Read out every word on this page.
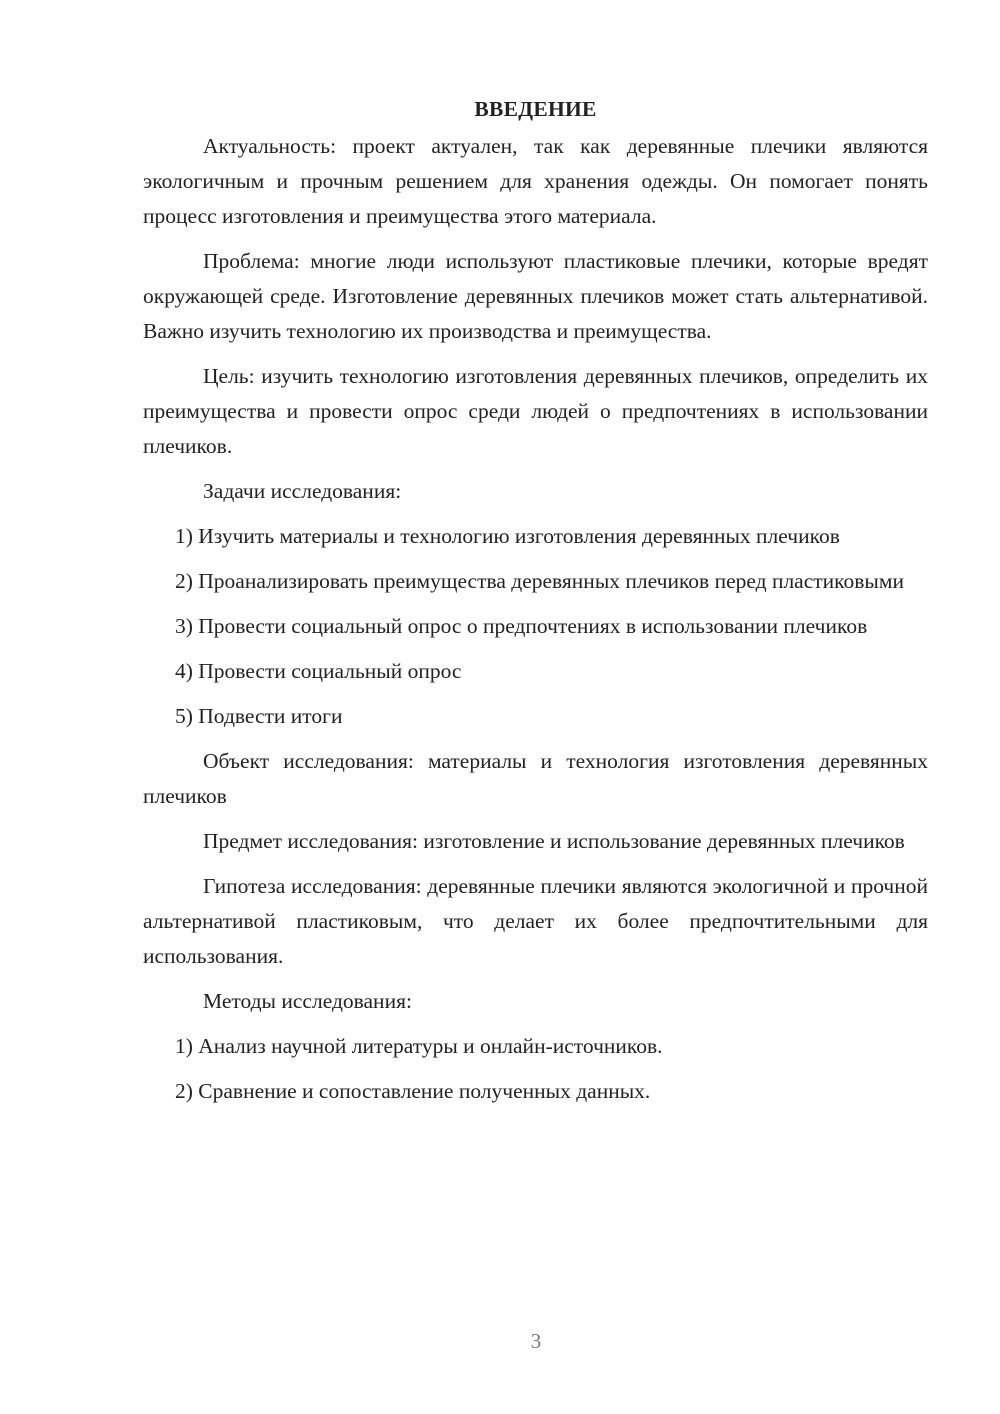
ВВЕДЕНИЕ

Актуальность: проект актуален, так как деревянные плечики являются экологичным и прочным решением для хранения одежды. Он помогает понять процесс изготовления и преимущества этого материала.

Проблема: многие люди используют пластиковые плечики, которые вредят окружающей среде. Изготовление деревянных плечиков может стать альтернативой. Важно изучить технологию их производства и преимущества.

Цель: изучить технологию изготовления деревянных плечиков, определить их преимущества и провести опрос среди людей о предпочтениях в использовании плечиков.

Задачи исследования:

1) Изучить материалы и технологию изготовления деревянных плечиков

2) Проанализировать преимущества деревянных плечиков перед пластиковыми

3) Провести социальный опрос о предпочтениях в использовании плечиков

4) Провести социальный опрос

5) Подвести итоги

Объект исследования: материалы и технология изготовления деревянных плечиков

Предмет исследования: изготовление и использование деревянных плечиков

Гипотеза исследования: деревянные плечики являются экологичной и прочной альтернативой пластиковым, что делает их более предпочтительными для использования.

Методы исследования:

1) Анализ научной литературы и онлайн-источников.

2) Сравнение и сопоставление полученных данных.

3
